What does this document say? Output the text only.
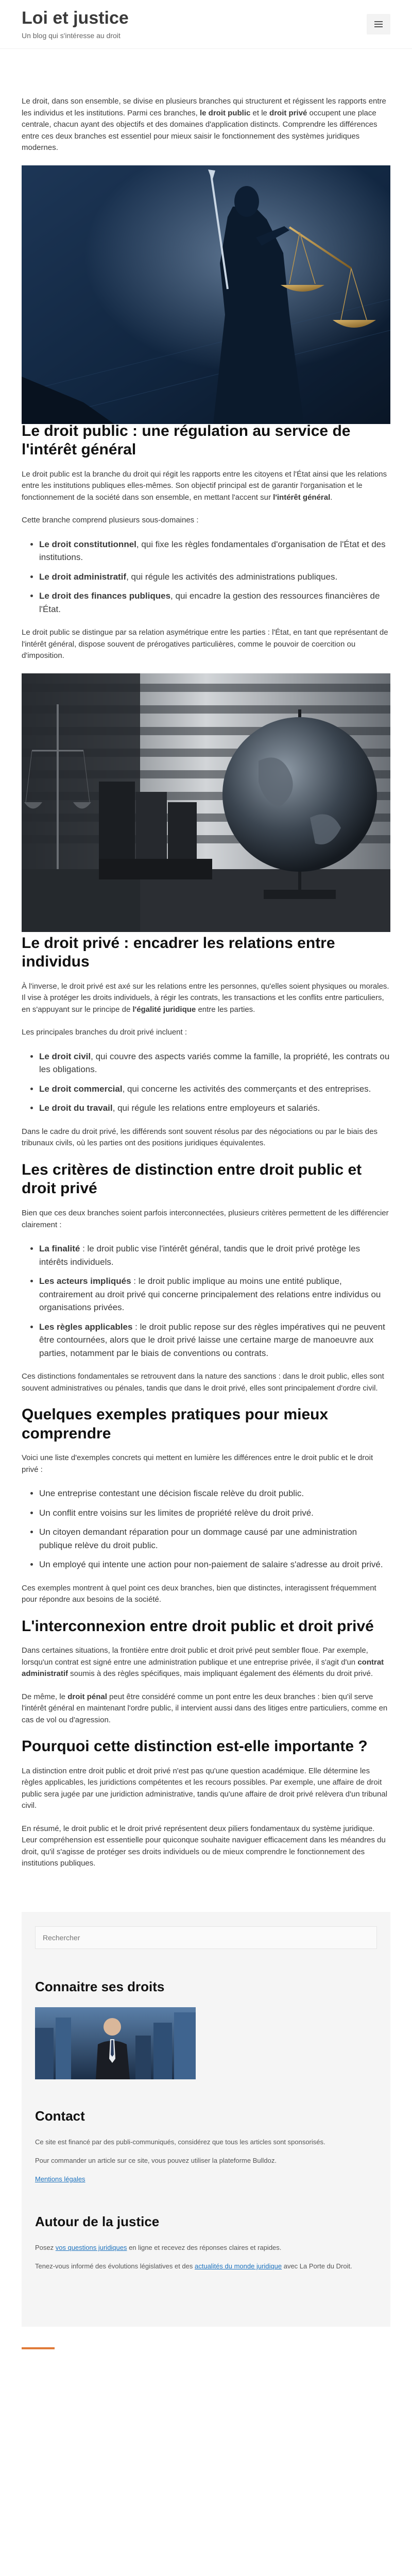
Loi et justice
Un blog qui s'intéresse au droit

Le droit, dans son ensemble, se divise en plusieurs branches qui structurent et régissent les rapports entre les individus et les institutions. Parmi ces branches, le droit public et le droit privé occupent une place centrale, chacun ayant des objectifs et des domaines d'application distincts. Comprendre les différences entre ces deux branches est essentiel pour mieux saisir le fonctionnement des systèmes juridiques modernes.

Le droit public : une régulation au service de l'intérêt général

Le droit public est la branche du droit qui régit les rapports entre les citoyens et l'État ainsi que les relations entre les institutions publiques elles-mêmes. Son objectif principal est de garantir l'organisation et le fonctionnement de la société dans son ensemble, en mettant l'accent sur l'intérêt général.

Cette branche comprend plusieurs sous-domaines :

• Le droit constitutionnel, qui fixe les règles fondamentales d'organisation de l'État et des institutions.
• Le droit administratif, qui régule les activités des administrations publiques.
• Le droit des finances publiques, qui encadre la gestion des ressources financières de l'État.

Le droit public se distingue par sa relation asymétrique entre les parties : l'État, en tant que représentant de l'intérêt général, dispose souvent de prérogatives particulières, comme le pouvoir de coercition ou d'imposition.

Le droit privé : encadrer les relations entre individus

À l'inverse, le droit privé est axé sur les relations entre les personnes, qu'elles soient physiques ou morales. Il vise à protéger les droits individuels, à régir les contrats, les transactions et les conflits entre particuliers, en s'appuyant sur le principe de l'égalité juridique entre les parties.

Les principales branches du droit privé incluent :

• Le droit civil, qui couvre des aspects variés comme la famille, la propriété, les contrats ou les obligations.
• Le droit commercial, qui concerne les activités des commerçants et des entreprises.
• Le droit du travail, qui régule les relations entre employeurs et salariés.

Dans le cadre du droit privé, les différends sont souvent résolus par des négociations ou par le biais des tribunaux civils, où les parties ont des positions juridiques équivalentes.

Les critères de distinction entre droit public et droit privé

Bien que ces deux branches soient parfois interconnectées, plusieurs critères permettent de les différencier clairement :

• La finalité : le droit public vise l'intérêt général, tandis que le droit privé protège les intérêts individuels.
• Les acteurs impliqués : le droit public implique au moins une entité publique, contrairement au droit privé qui concerne principalement des relations entre individus ou organisations privées.
• Les règles applicables : le droit public repose sur des règles impératives qui ne peuvent être contournées, alors que le droit privé laisse une certaine marge de manoeuvre aux parties, notamment par le biais de conventions ou contrats.

Ces distinctions fondamentales se retrouvent dans la nature des sanctions : dans le droit public, elles sont souvent administratives ou pénales, tandis que dans le droit privé, elles sont principalement d'ordre civil.

Quelques exemples pratiques pour mieux comprendre

Voici une liste d'exemples concrets qui mettent en lumière les différences entre le droit public et le droit privé :

• Une entreprise contestant une décision fiscale relève du droit public.
• Un conflit entre voisins sur les limites de propriété relève du droit privé.
• Un citoyen demandant réparation pour un dommage causé par une administration publique relève du droit public.
• Un employé qui intente une action pour non-paiement de salaire s'adresse au droit privé.

Ces exemples montrent à quel point ces deux branches, bien que distinctes, interagissent fréquemment pour répondre aux besoins de la société.

L'interconnexion entre droit public et droit privé

Dans certaines situations, la frontière entre droit public et droit privé peut sembler floue. Par exemple, lorsqu'un contrat est signé entre une administration publique et une entreprise privée, il s'agit d'un contrat administratif soumis à des règles spécifiques, mais impliquant également des éléments du droit privé.

De même, le droit pénal peut être considéré comme un pont entre les deux branches : bien qu'il serve l'intérêt général en maintenant l'ordre public, il intervient aussi dans des litiges entre particuliers, comme en cas de vol ou d'agression.

Pourquoi cette distinction est-elle importante ?

La distinction entre droit public et droit privé n'est pas qu'une question académique. Elle détermine les règles applicables, les juridictions compétentes et les recours possibles. Par exemple, une affaire de droit public sera jugée par une juridiction administrative, tandis qu'une affaire de droit privé relèvera d'un tribunal civil.

En résumé, le droit public et le droit privé représentent deux piliers fondamentaux du système juridique. Leur compréhension est essentielle pour quiconque souhaite naviguer efficacement dans les méandres du droit, qu'il s'agisse de protéger ses droits individuels ou de mieux comprendre le fonctionnement des institutions publiques.

Rechercher
Connaitre ses droits
Contact

Ce site est financé par des publi-communiqués, considérez que tous les articles sont sponsorisés.

Pour commander un article sur ce site, vous pouvez utiliser la plateforme Bulldoz.

Mentions légales

Autour de la justice

Posez vos questions juridiques en ligne et recevez des réponses claires et rapides.

Tenez-vous informé des évolutions législatives et des actualités du monde juridique avec La Porte du Droit.
